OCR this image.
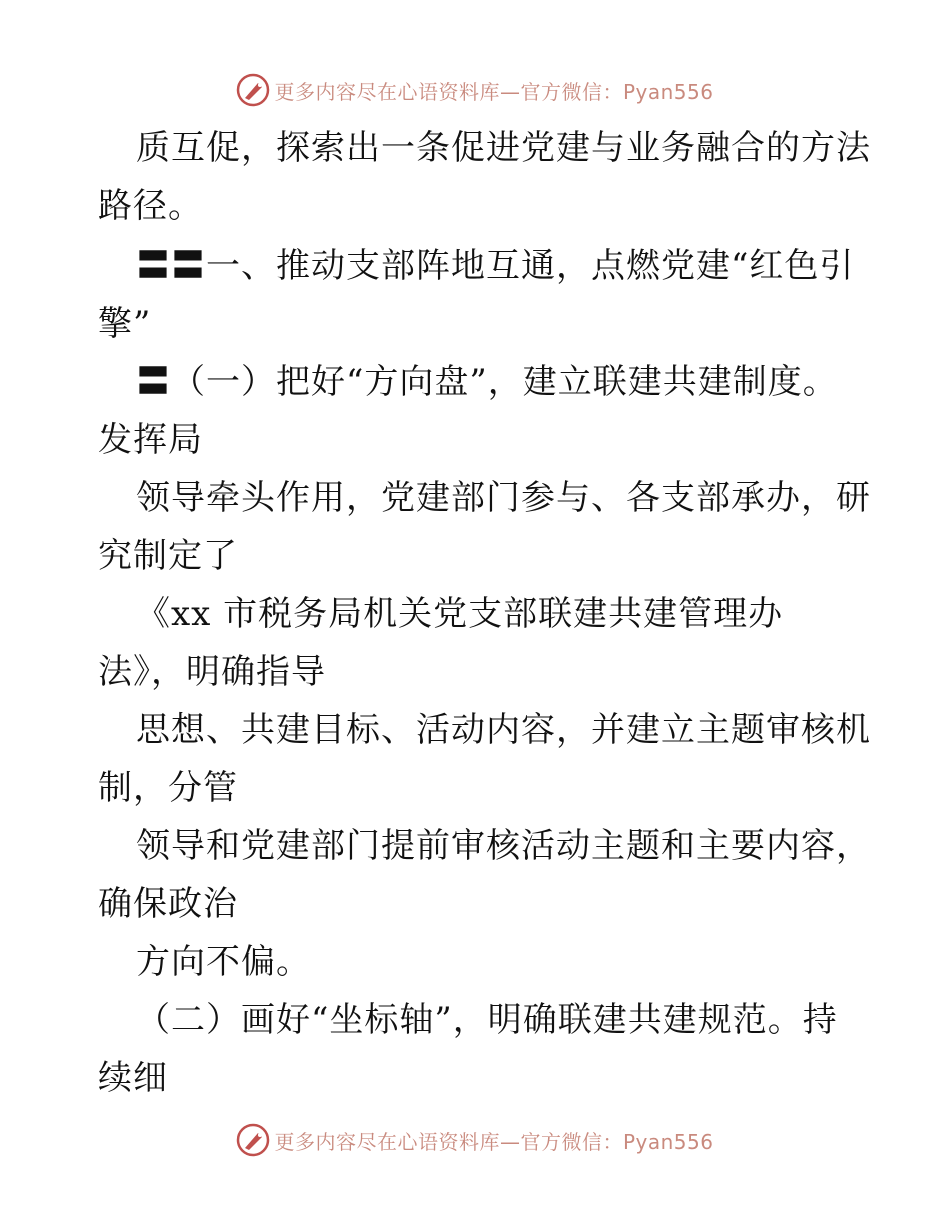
更多内容尽在心语资料库—官方微信：Pyan556
质互促，探索出一条促进党建与业务融合的方法
路径。
〓〓一、推动支部阵地互通，点燃党建“红色引
擎”
〓（一）把好“方向盘”，建立联建共建制度。
发挥局
领导牵头作用，党建部门参与、各支部承办，研
究制定了
《xx 市税务局机关党支部联建共建管理办
法》，明确指导
思想、共建目标、活动内容，并建立主题审核机
制，分管
领导和党建部门提前审核活动主题和主要内容，
确保政治
方向不偏。
（二）画好“坐标轴”，明确联建共建规范。持
续细
更多内容尽在心语资料库—官方微信：Pyan556
